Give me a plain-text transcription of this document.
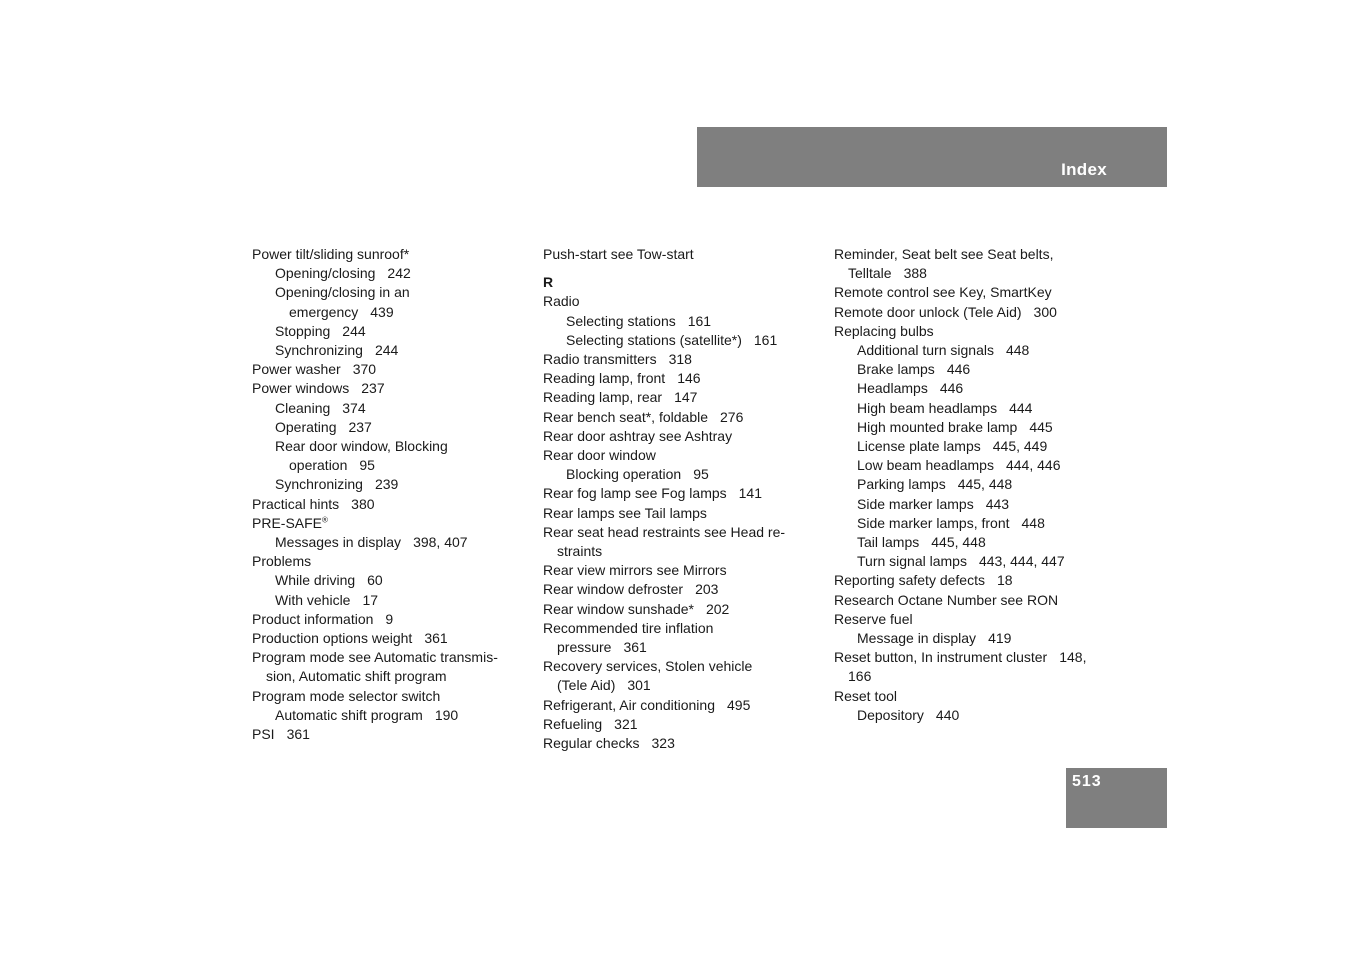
Index
Power tilt/sliding sunroof*
Opening/closing 242
Opening/closing in an
emergency 439
Stopping 244
Synchronizing 244
Power washer 370
Power windows 237
Cleaning 374
Operating 237
Rear door window, Blocking
operation 95
Synchronizing 239
Practical hints 380
PRE-SAFE®
Messages in display 398, 407
Problems
While driving 60
With vehicle 17
Product information 9
Production options weight 361
Program mode see Automatic transmis-
sion, Automatic shift program
Program mode selector switch
Automatic shift program 190
PSI 361
Push-start see Tow-start
R
Radio
Selecting stations 161
Selecting stations (satellite*) 161
Radio transmitters 318
Reading lamp, front 146
Reading lamp, rear 147
Rear bench seat*, foldable 276
Rear door ashtray see Ashtray
Rear door window
Blocking operation 95
Rear fog lamp see Fog lamps 141
Rear lamps see Tail lamps
Rear seat head restraints see Head re-
straints
Rear view mirrors see Mirrors
Rear window defroster 203
Rear window sunshade* 202
Recommended tire inflation
pressure 361
Recovery services, Stolen vehicle
(Tele Aid) 301
Refrigerant, Air conditioning 495
Refueling 321
Regular checks 323
Reminder, Seat belt see Seat belts,
Telltale 388
Remote control see Key, SmartKey
Remote door unlock (Tele Aid) 300
Replacing bulbs
Additional turn signals 448
Brake lamps 446
Headlamps 446
High beam headlamps 444
High mounted brake lamp 445
License plate lamps 445, 449
Low beam headlamps 444, 446
Parking lamps 445, 448
Side marker lamps 443
Side marker lamps, front 448
Tail lamps 445, 448
Turn signal lamps 443, 444, 447
Reporting safety defects 18
Research Octane Number see RON
Reserve fuel
Message in display 419
Reset button, In instrument cluster 148,
166
Reset tool
Depository 440
513
